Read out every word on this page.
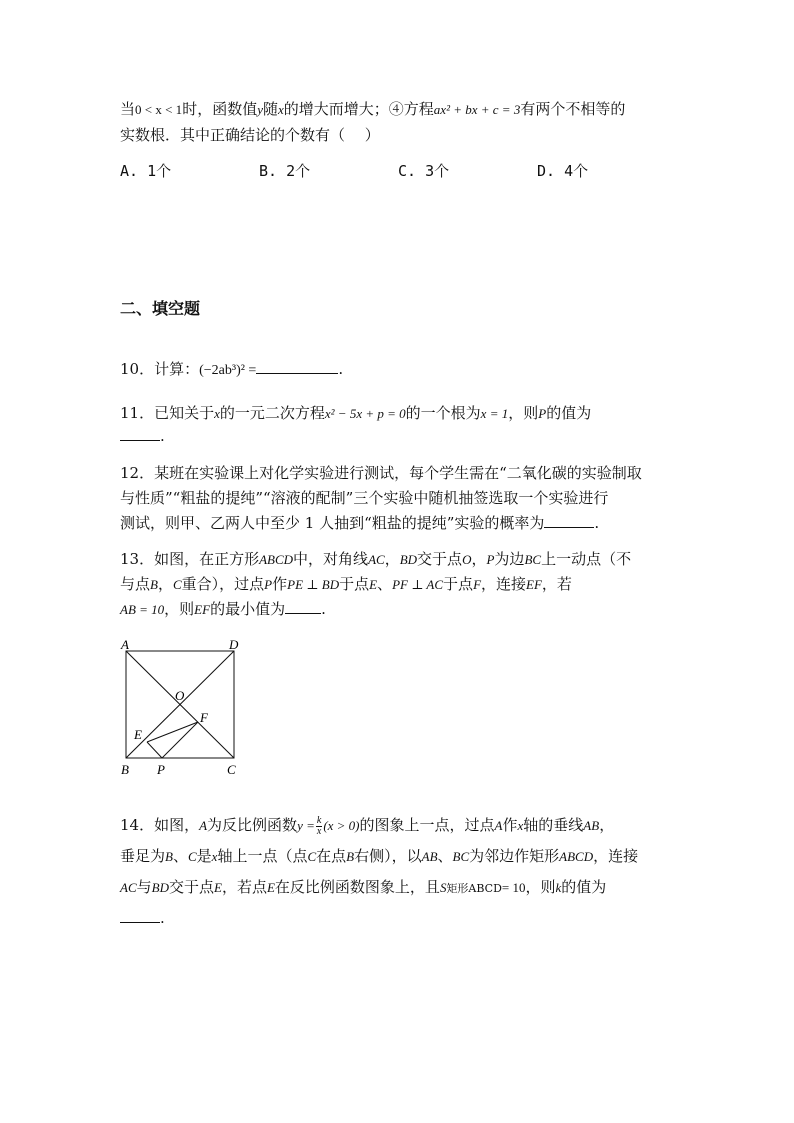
当0 < x < 1时，函数值y随x的增大而增大；④方程ax² + bx + c = 3有两个不相等的
实数根．其中正确结论的个数有（　 ）
A. 1个	B. 2个	C. 3个	D. 4个
二、填空题
10．计算：(−2ab³)² =	.
11．已知关于x的一元二次方程x² − 5x + p = 0的一个根为x = 1，则P的值为
.
12．某班在实验课上对化学实验进行测试，每个学生需在“二氧化碳的实验制取
与性质”“粗盐的提纯”“溶液的配制”三个实验中随机抽签选取一个实验进行
测试，则甲、乙两人中至少 1 人抽到“粗盐的提纯”实验的概率为	.
13．如图，在正方形ABCD中，对角线AC，BD交于点O，P为边BC上一动点（不
与点B，C重合），过点P作PE ⊥ BD于点E、PF ⊥ AC于点F，连接EF，若
AB = 10，则EF的最小值为 .
A	D
O
F
E
B P	C
14．如图，A为反比例函数$y = \frac{k}{x} (x > 0)$的图象上一点，过点A作x轴的垂线AB，
垂足为B、C是x轴上一点（点C在点B右侧），以AB、BC为邻边作矩形ABCD，连接
AC与BD交于点E，若点E在反比例函数图象上，且S矩形ABCD= 10，则k的值为
.
